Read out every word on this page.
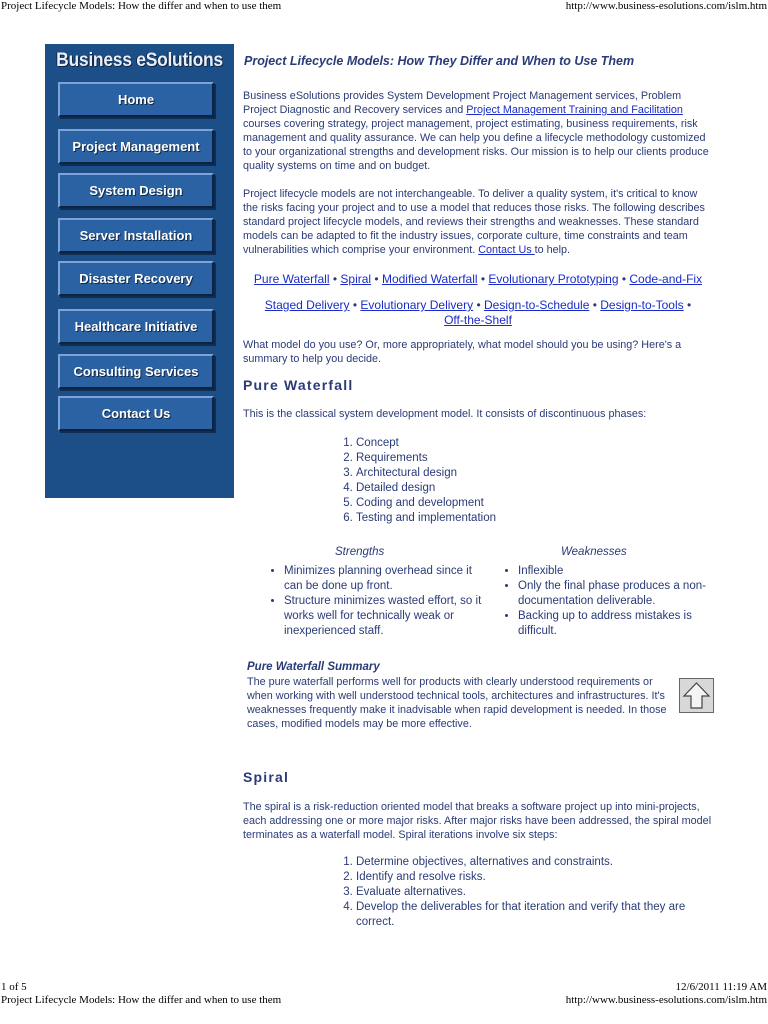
Project Lifecycle Models: How the differ and when to use them	http://www.business-esolutions.com/islm.htm
Business eSolutions
Home
Project Management
System Design
Server Installation
Disaster Recovery
Healthcare Initiative
Consulting Services
Contact Us
Project Lifecycle Models: How They Differ and When to Use Them

Business eSolutions provides System Development Project Management services, Problem Project Diagnostic and Recovery services and Project Management Training and Facilitation courses covering strategy, project management, project estimating, business requirements, risk management and quality assurance. We can help you define a lifecycle methodology customized to your organizational strengths and development risks. Our mission is to help our clients produce quality systems on time and on budget.

Project lifecycle models are not interchangeable. To deliver a quality system, it's critical to know the risks facing your project and to use a model that reduces those risks. The following describes standard project lifecycle models, and reviews their strengths and weaknesses. These standard models can be adapted to fit the industry issues, corporate culture, time constraints and team vulnerabilities which comprise your environment. Contact Us to help.

Pure Waterfall • Spiral • Modified Waterfall • Evolutionary Prototyping • Code-and-Fix
Staged Delivery • Evolutionary Delivery • Design-to-Schedule • Design-to-Tools •
Off-the-Shelf

What model do you use? Or, more appropriately, what model should you be using? Here's a summary to help you decide.

Pure Waterfall

This is the classical system development model. It consists of discontinuous phases:

1. Concept
2. Requirements
3. Architectural design
4. Detailed design
5. Coding and development
6. Testing and implementation
Strengths	Weaknesses
• Minimizes planning overhead since it can be done up front.
• Structure minimizes wasted effort, so it works well for technically weak or inexperienced staff.
• Inflexible
• Only the final phase produces a non-documentation deliverable.
• Backing up to address mistakes is difficult.
Pure Waterfall Summary

The pure waterfall performs well for products with clearly understood requirements or when working with well understood technical tools, architectures and infrastructures. It's weaknesses frequently make it inadvisable when rapid development is needed. In those cases, modified models may be more effective.

Spiral

The spiral is a risk-reduction oriented model that breaks a software project up into mini-projects, each addressing one or more major risks. After major risks have been addressed, the spiral model terminates as a waterfall model. Spiral iterations involve six steps:

1. Determine objectives, alternatives and constraints.
2. Identify and resolve risks.
3. Evaluate alternatives.
4. Develop the deliverables for that iteration and verify that they are correct.
1 of 5	12/6/2011 11:19 AM
Project Lifecycle Models: How the differ and when to use them	http://www.business-esolutions.com/islm.htm
